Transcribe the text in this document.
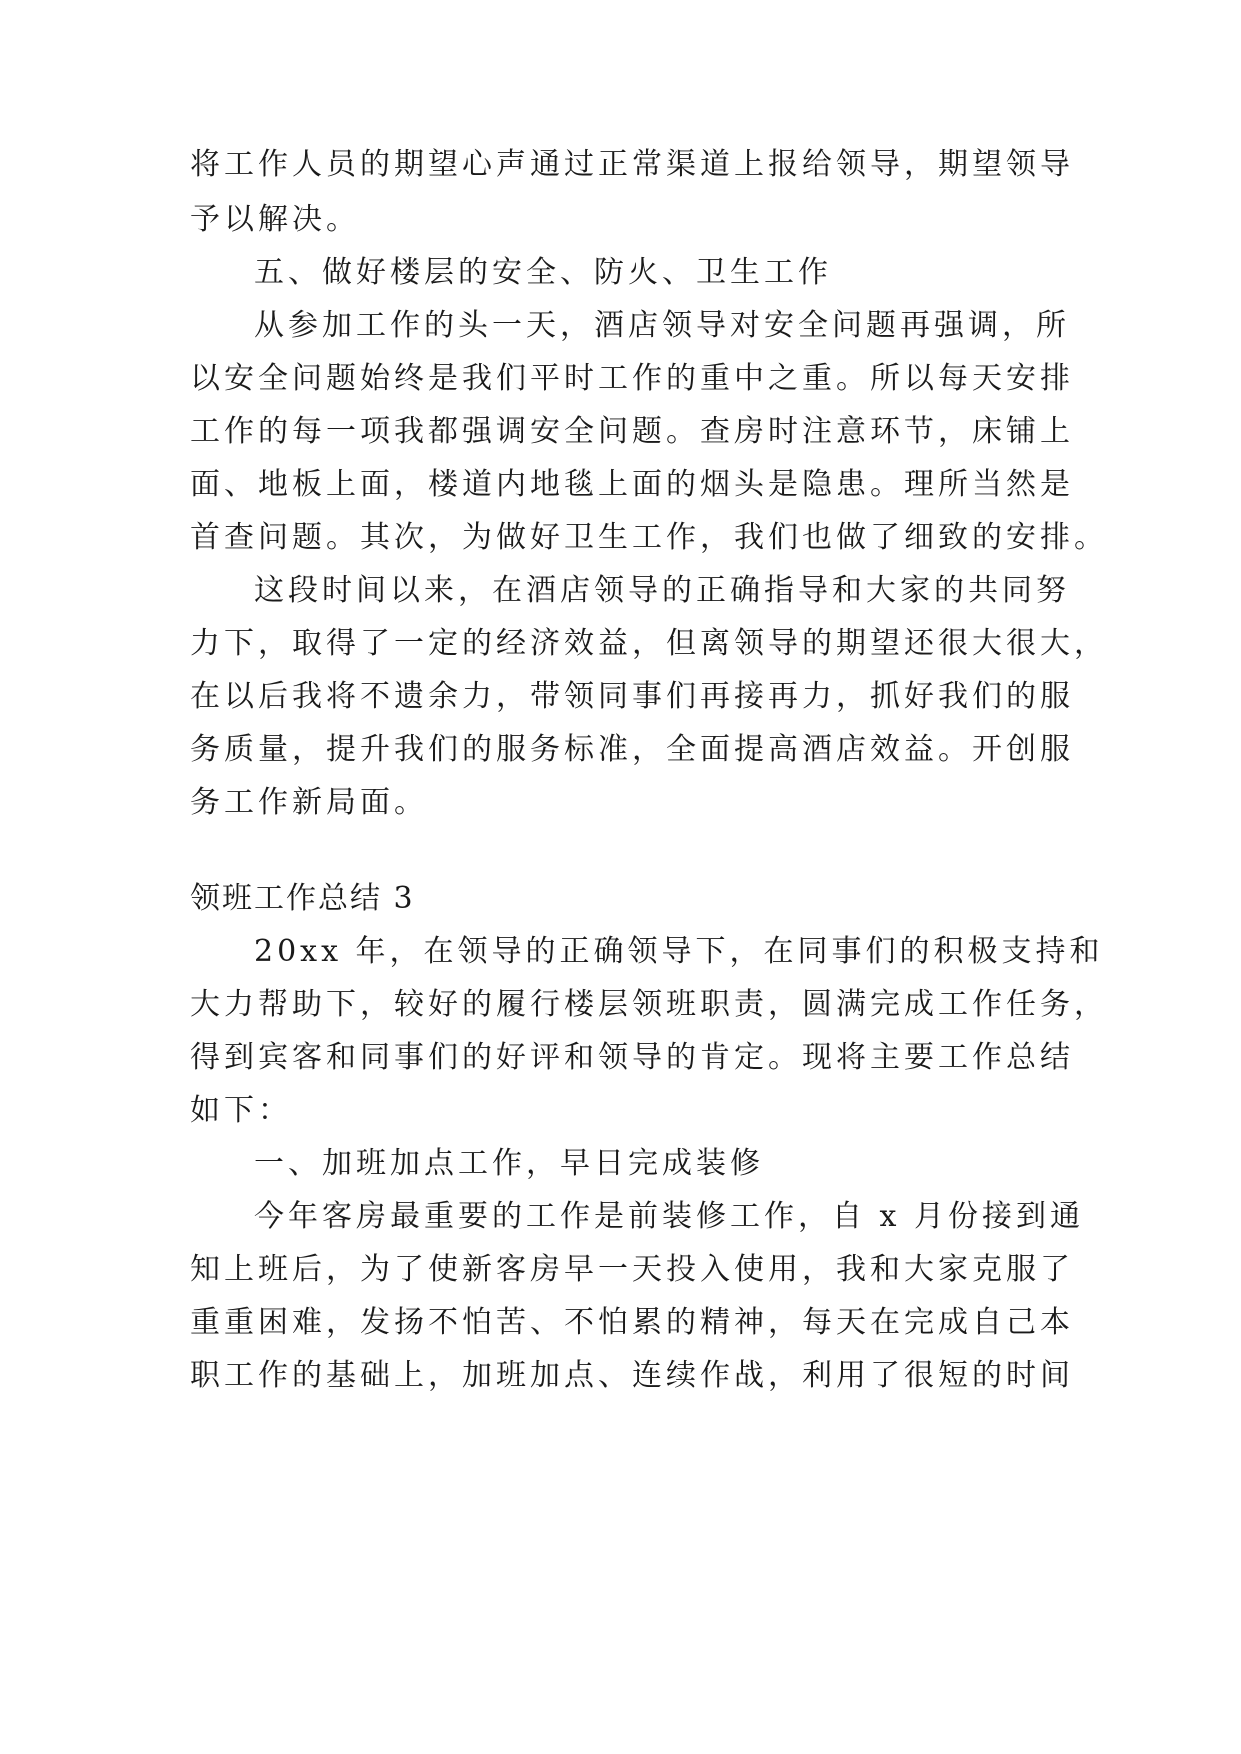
将工作人员的期望心声通过正常渠道上报给领导，期望领导
予以解决。
五、做好楼层的安全、防火、卫生工作
从参加工作的头一天，酒店领导对安全问题再强调，所
以安全问题始终是我们平时工作的重中之重。所以每天安排
工作的每一项我都强调安全问题。查房时注意环节，床铺上
面、地板上面，楼道内地毯上面的烟头是隐患。理所当然是
首查问题。其次，为做好卫生工作，我们也做了细致的安排。
这段时间以来，在酒店领导的正确指导和大家的共同努
力下，取得了一定的经济效益，但离领导的期望还很大很大，
在以后我将不遗余力，带领同事们再接再力，抓好我们的服
务质量，提升我们的服务标准，全面提高酒店效益。开创服
务工作新局面。
领班工作总结 3
20xx 年，在领导的正确领导下，在同事们的积极支持和
大力帮助下，较好的履行楼层领班职责，圆满完成工作任务，
得到宾客和同事们的好评和领导的肯定。现将主要工作总结
如下：
一、加班加点工作，早日完成装修
今年客房最重要的工作是前装修工作，自 x 月份接到通
知上班后，为了使新客房早一天投入使用，我和大家克服了
重重困难，发扬不怕苦、不怕累的精神，每天在完成自己本
职工作的基础上，加班加点、连续作战，利用了很短的时间
